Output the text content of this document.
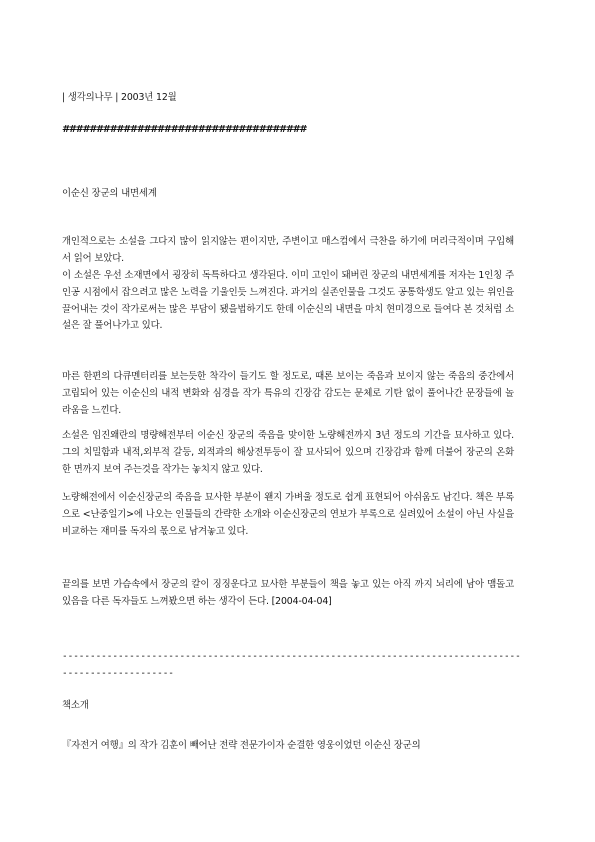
| 생각의나무 | 2003년 12월
####################################
이순신 장군의 내면세계
개인적으로는 소설을 그다지 많이 읽지않는 편이지만, 주변이고 매스컴에서 극찬을 하기에 머리극적이며 구입해서 읽어 보았다.
이 소설은 우선 소재면에서 굉장히 독특하다고 생각된다. 이미 고인이 돼버린 장군의 내면세계를 저자는 1인칭 주인공 시점에서 잡으려고 많은 노력을 기울인듯 느껴진다. 과거의 실존인물을 그것도 공통학생도 알고 있는 위인을 끌어내는 것이 작가로써는 많은 부담이 됐을법하기도 한데 이순신의 내면을 마치 현미경으로 들여다 본 것처럼 소설은 잘 풀어나가고 있다.
마른 한편의 다큐멘터리를 보는듯한 착각이 들기도 할 정도로, 때론 보이는 죽음과 보이지 않는 죽음의 중간에서 고립되어 있는 이순신의 내적 변화와 심경을 작가 특유의 긴장감 감도는 문체로 기탄 없이 풀어나간 문장들에 놀라움을 느낀다.
소설은 임진왜란의 명량해전부터 이순신 장군의 죽음을 맞이한 노량해전까지 3년 정도의 기간을 묘사하고 있다. 그의 치밀함과 내적,외부적 갈등, 외적과의 해상전투등이 잘 묘사되어 있으며 긴장감과 함께 더불어 장군의 온화한 면까지 보여 주는것을 작가는 놓치지 않고 있다.
노량해전에서 이순신장군의 죽음을 묘사한 부분이 왠지 가벼울 정도로 쉽게 표현되어 아쉬움도 남긴다. 책은 부록으로 <난중일기>에 나오는 인물들의 간략한 소개와 이순신장군의 연보가 부록으로 실려있어 소설이 아닌 사실을 비교하는 재미를 독자의 몫으로 남겨놓고 있다.
끝의를 보면 가슴속에서 장군의 칼이 징징운다고 묘사한 부분들이 책을 놓고 있는 아직 까지 뇌리에 남아 맴돌고 있음을 다른 독자들도 느껴봤으면 하는 생각이 든다. [2004-04-04]
------------------------------------------------------------------------------------------------------
책소개
『자전거 여행』의 작가 김훈이 빼어난 전략 전문가이자 순결한 영웅이었던 이순신 장군의
